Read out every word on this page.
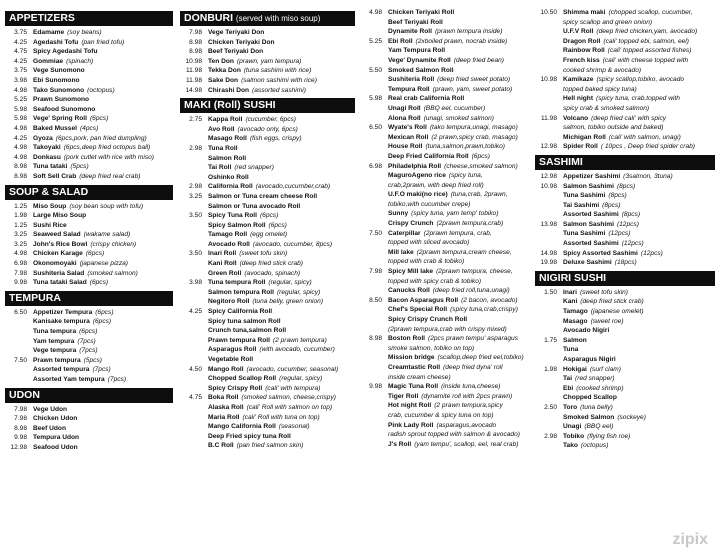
APPETIZERS
3.75 Edamame (soy beans)
4.25 Agedashi Tofu (pan fried tofu)
4.75 Spicy Agedashi Tofu
4.25 Gommiae (spinach)
3.75 Vege Sunomono
3.98 Ebi Sunomono
4.98 Tako Sunomono (octopus)
5.25 Prawn Sunomono
5.98 Seafood Sunomono
5.98 Vege' Spring Roll (6pcs)
4.98 Baked Mussel (4pcs)
4.25 Gyoza (6pcs,pork, pan fried dumpling)
4.98 Takoyaki (6pcs,deep fried octopus ball)
4.98 Donkasu (pork cutlet with rice with miso)
8.98 Tuna tataki (5pcs)
8.98 Soft Sell Crab (deep fried real crab)
SOUP & SALAD
1.25 Miso Soup (soy bean soup with tofu)
1.98 Large Miso Soup
1.25 Sushi Rice
3.25 Seaweed Salad (wakame salad)
3.25 John's Rice Bowl (crispy chicken)
4.98 Chicken Karage (6pcs)
6.98 Okonomoyaki (japanese pizza)
7.98 Sushiteria Salad (smoked salmon)
9.98 Tuna tataki Salad (6pcs)
TEMPURA
6.50 Appetizer Tempura (6pcs)
Kanisake tempura (6pcs)
Tuna tempura (6pcs)
Yam tempura (7pcs)
Vege tempura (7pcs)
7.50 Prawn tempura (5pcs)
Assorted tempura (7pcs)
Assorted Yam tempura (7pcs)
UDON
7.98 Vege Udon
7.98 Chicken Udon
8.98 Beef Udon
9.98 Tempura Udon
12.98 Seafood Udon
DONBURI (served with miso soup)
7.98 Vege Teriyaki Don
8.98 Chicken Teriyaki Don
8.98 Beef Teriyaki Don
10.98 Ten Don (prawn, yam tempura)
11.98 Tekka Don (tuna sashimi with rice)
11.98 Sake Don (salmon sashimi with rice)
14.98 Chirashi Don (assorted sashimi)
MAKI (Roll) SUSHI
2.75 Kappa Roll (cucumber, 6pcs)
Avo Roll (avocado only, 6pcs)
Masago Roll (fish eggs, crispy)
2.98 Tuna Roll
Salmon Roll
Tai Roll (red snapper)
Oshinko Roll
2.98 California Roll (avocado,cucumber,crab)
3.25 Salmon or Tuna cream cheese Roll
Salmon or Tuna avocado Roll
3.50 Spicy Tuna Roll (6pcs)
Spicy Salmon Roll (6pcs)
Tamago Roll (egg omelet)
Avocado Roll (avocado, cucumber, 8pcs)
3.50 Inari Roll (sweet tofu skin)
Kani Roll (deep fried stick crab)
Green Roll (avocado, spinach)
3.98 Tuna tempura Roll (regular, spicy)
Salmon tempura Roll (regular, spicy)
Negitoro Roll (tuna belly, green onion)
4.25 Spicy California Roll
Spicy tuna salmon Roll
Crunch tuna,salmon Roll
Prawn tempura Roll (2 prawn tempura)
Asparagus Roll (with avocado, cucumber)
Vegetable Roll
4.50 Mango Roll (avocado, cucumber, seasonal)
Chopped Scallop Roll (regular, spicy)
Spicy Crispy Roll (cali' with tempura)
4.75 Boka Roll (smoked salmon, cheese,crispy)
Alaska Roll (cali' Roll with salmon on top)
Maria Roll (cali' Roll with tuna on top)
Mango California Roll (seasonal)
Deep Fried spicy tuna Roll
B.C Roll (pan fried salmon skin)
4.98 Chicken Teriyaki Roll
Beef Teriyaki Roll
Dynamite Roll (prawn tempura inside)
5.25 Ebi Roll (2xboiled prawn, nocrab inside)
Yam Tempura Roll
Vege' Dynamite Roll (deep fried bean)
5.50 Smoked Salmon Roll
Sushiteria Roll (deep fried sweet potato)
Tempura Roll (prawn, yam, sweet potato)
5.98 Real crab California Roll
Unagi Roll (BBQ eel, cucumber)
Alona Roll (unagi, smoked salmon)
6.50 Wyate's Roll (tako tempura,unagi, masago)
Mexican Roll (2 prawn,spicy crab, masago)
House Roll (tuna,salmon,prawn,tobiko)
Deep Fried California Roll (6pcs)
6.98 Philadelphia Roll (cheese,smoked salmon)
MaguroAgeno rice (spicy tuna,
crab,2prawn, with deep fried roll)
U.F.O maki(no rice) (tuna,crab, 2prawn,
tobiko,with cucumber crepe)
Sunny (spicy tuna, yam temp' tobiko)
Crispy Crunch (2prawn tempura,crab)
7.50 Caterpillar (2prawn tempura, crab,
topped with sliced avocado)
Mill lake (2prawn tempura,cream cheese,
topped with crab & tobiko)
7.98 Spicy Mill lake (2prawn tempura, cheese,
topped with spicy crab & tobiko)
Canucks Roll (deep fried roll,tuna,unagi)
8.50 Bacon Asparagus Roll (2 bacon, avocado)
Chef's Special Roll (spicy tuna,crab,crispy)
Spicy Crispy Crunch Roll
(2prawn tempura,crab with crispy mixed)
8.98 Boston Roll (2pcs prawn tempu' asparagus
smoke salmon, tobiko on top)
Mission bridge (scallop,deep fried eel,tobiko)
Creamtastic Roll (deep fried dyna' roll
inside cream cheese)
9.98 Magic Tuna Roll (inside tuna,cheese)
Tiger Roll (dynamite roll with 2pcs prawn)
Hot night Roll (2 prawn tempura,spicy
crab, cucumber & spicy tuna on top)
Pink Lady Roll (asparagus,avocado
radish sprout topped with salmon & avocado)
J's Roll (yam tempu', scallop, eel, real crab)
10.50 Shimma maki (chopped scallop, cucumber,
spicy scallop and green onion)
U.F.V Roll (deep fried chicken,yam, avocado)
Dragon Roll (cali' topped ebi, salmon, eel)
Rainbow Roll (cali' topped assorted fishes)
French kiss (cali' with cheese topped with
cooked shrimp & avocado)
10.98 Kamikaze (spicy scallop,tobiko, avocado
topped baked spicy tuna)
Hell night (spicy tuna, crab,topped with
spicy crab & smoked salmon)
11.98 Volcano (deep fried cali' with spicy
salmon, tobiko outside and baked)
Michigan Roll (cali' with salmon, unagi)
12.98 Spider Roll ( 10pcs , Deep fried spider crab)
SASHIMI
12.98 Appetizer Sashimi (3salmon, 3tuna)
10.98 Salmon Sashimi (8pcs)
Tuna Sashimi (8pcs)
Tai Sashimi (8pcs)
Assorted Sashimi (8pcs)
13.98 Salmon Sashimi (12pcs)
Tuna Sashimi (12pcs)
Assorted Sashimi (12pcs)
14.98 Spicy Assorted Sashimi (12pcs)
19.98 Deluxe Sashimi (18pcs)
NIGIRI SUSHI
1.50 Inari (sweet tofu skin)
Kani (deep fried stick crab)
Tamago (japanese omelet)
Masago (sweet roe)
Avocado Nigiri
1.75 Salmon
Tuna
Asparagus Nigiri
1.98 Hokigai (surf clam)
Tai (red snapper)
Ebi (cooked shrimp)
Chopped Scallop
2.50 Toro (tuna belly)
Smoked Salmon (sockeye)
Unagi (BBQ eel)
2.98 Tobiko (flying fish roe)
Tako (octopus)
zipix
